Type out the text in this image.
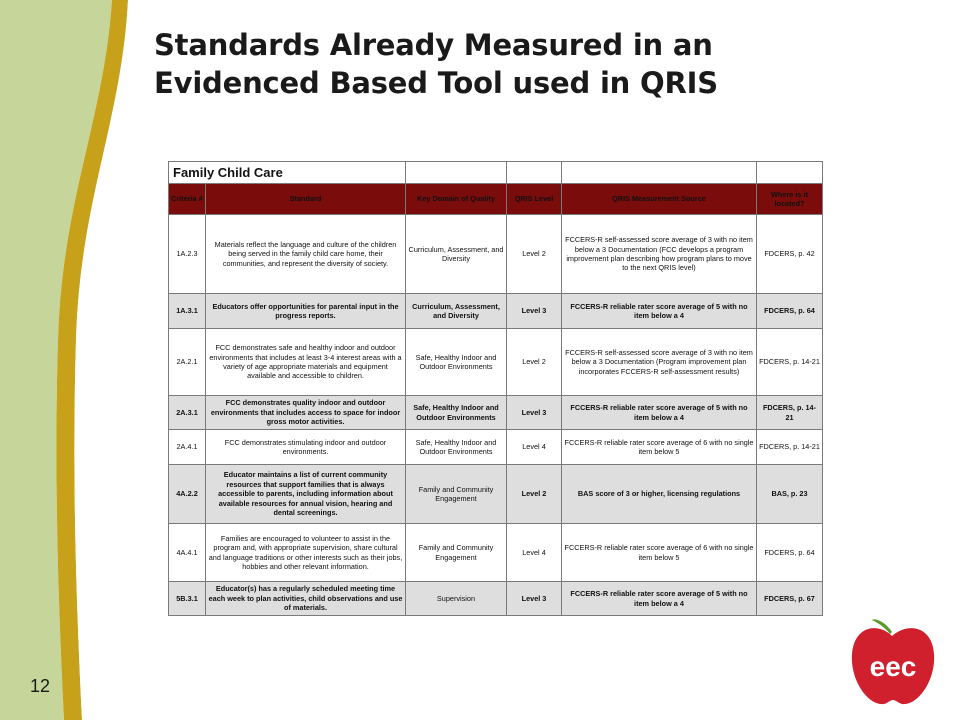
Standards Already Measured in an
Evidenced Based Tool used in QRIS
Family Child Care					
Criteria #	Standard	Key Domain of Quality	QRIS Level	QRIS Measurement Source	Where is it located?
1A.2.3	Materials reflect the language and culture of the children being served in the family child care home, their communities, and represent the diversity of society.	Curriculum, Assessment, and Diversity	Level 2	FCCERS-R self-assessed score average of 3 with no item below a 3 Documentation (FCC develops a program improvement plan describing how program plans to move to the next QRIS level)	FDCERS, p. 42
1A.3.1	Educators offer opportunities for parental input in the progress reports.	Curriculum, Assessment, and Diversity	Level 3	FCCERS-R reliable rater score average of 5 with no item below a 4	FDCERS, p. 64
2A.2.1	FCC demonstrates safe and healthy indoor and outdoor environments that includes at least 3-4 interest areas with a variety of age appropriate materials and equipment available and accessible to children.	Safe, Healthy Indoor and Outdoor Environments	Level 2	FCCERS-R self-assessed score average of 3 with no item below a 3 Documentation (Program improvement plan incorporates FCCERS-R self-assessment results)	FDCERS, p. 14-21
2A.3.1	FCC demonstrates quality indoor and outdoor environments that includes access to space for indoor gross motor activities.	Safe, Healthy Indoor and Outdoor Environments	Level 3	FCCERS-R reliable rater score average of 5 with no item below a 4	FDCERS, p. 14-21
2A.4.1	FCC demonstrates stimulating indoor and outdoor environments.	Safe, Healthy Indoor and Outdoor Environments	Level 4	FCCERS-R reliable rater score average of 6 with no single item below 5	FDCERS, p. 14-21
4A.2.2	Educator maintains a list of current community resources that support families that is always accessible to parents, including information about available resources for annual vision, hearing and dental screenings.	Family and Community Engagement	Level 2	BAS score of 3 or higher, licensing regulations	BAS, p. 23
4A.4.1	Families are encouraged to volunteer to assist in the program and, with appropriate supervision, share cultural and language traditions or other interests such as their jobs, hobbies and other relevant information.	Family and Community Engagement	Level 4	FCCERS-R reliable rater score average of 6 with no single item below 5	FDCERS, p. 64
5B.3.1	Educator(s) has a regularly scheduled meeting time each week to plan activities, child observations and use of materials.	Supervision	Level 3	FCCERS-R reliable rater score average of 5 with no item below a 4	FDCERS, p. 67
12
eec
